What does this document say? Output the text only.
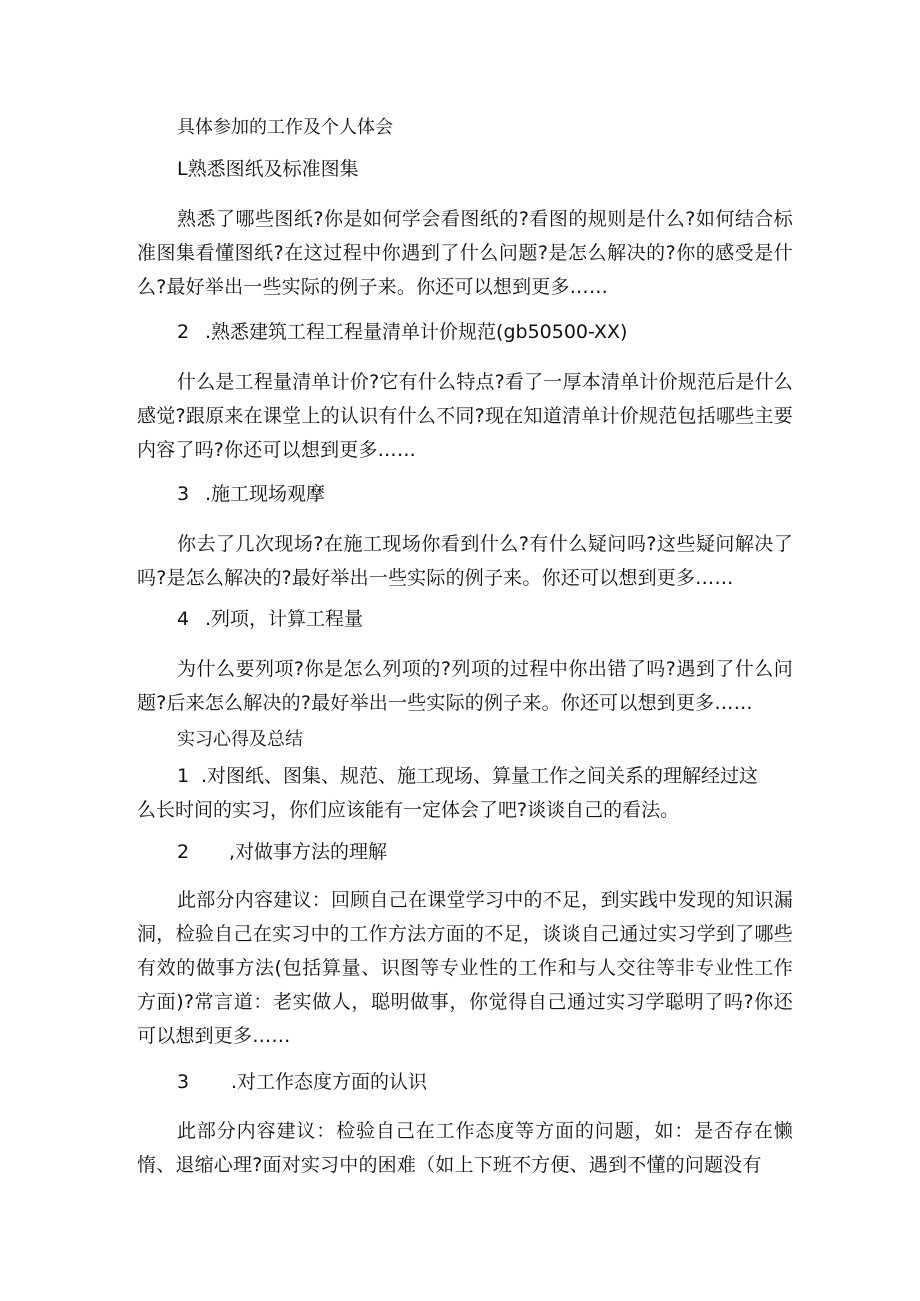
具体参加的工作及个人体会
L熟悉图纸及标准图集
熟悉了哪些图纸?你是如何学会看图纸的?看图的规则是什么?如何结合标准图集看懂图纸?在这过程中你遇到了什么问题?是怎么解决的?你的感受是什么?最好举出一些实际的例子来。你还可以想到更多……
2 .熟悉建筑工程工程量清单计价规范(gb50500-XX)
什么是工程量清单计价?它有什么特点?看了一厚本清单计价规范后是什么感觉?跟原来在课堂上的认识有什么不同?现在知道清单计价规范包括哪些主要内容了吗?你还可以想到更多……
3 .施工现场观摩
你去了几次现场?在施工现场你看到什么?有什么疑问吗?这些疑问解决了吗?是怎么解决的?最好举出一些实际的例子来。你还可以想到更多……
4 .列项，计算工程量
为什么要列项?你是怎么列项的?列项的过程中你出错了吗?遇到了什么问题?后来怎么解决的?最好举出一些实际的例子来。你还可以想到更多……
实习心得及总结
1 .对图纸、图集、规范、施工现场、算量工作之间关系的理解经过这
么长时间的实习，你们应该能有一定体会了吧?谈谈自己的看法。
2 ,对做事方法的理解
此部分内容建议：回顾自己在课堂学习中的不足，到实践中发现的知识漏洞，检验自己在实习中的工作方法方面的不足，谈谈自己通过实习学到了哪些有效的做事方法(包括算量、识图等专业性的工作和与人交往等非专业性工作方面)?常言道：老实做人，聪明做事，你觉得自己通过实习学聪明了吗?你还可以想到更多……
3 .对工作态度方面的认识
此部分内容建议：检验自己在工作态度等方面的问题，如：是否存在懒惰、退缩心理?面对实习中的困难（如上下班不方便、遇到不懂的问题没有
